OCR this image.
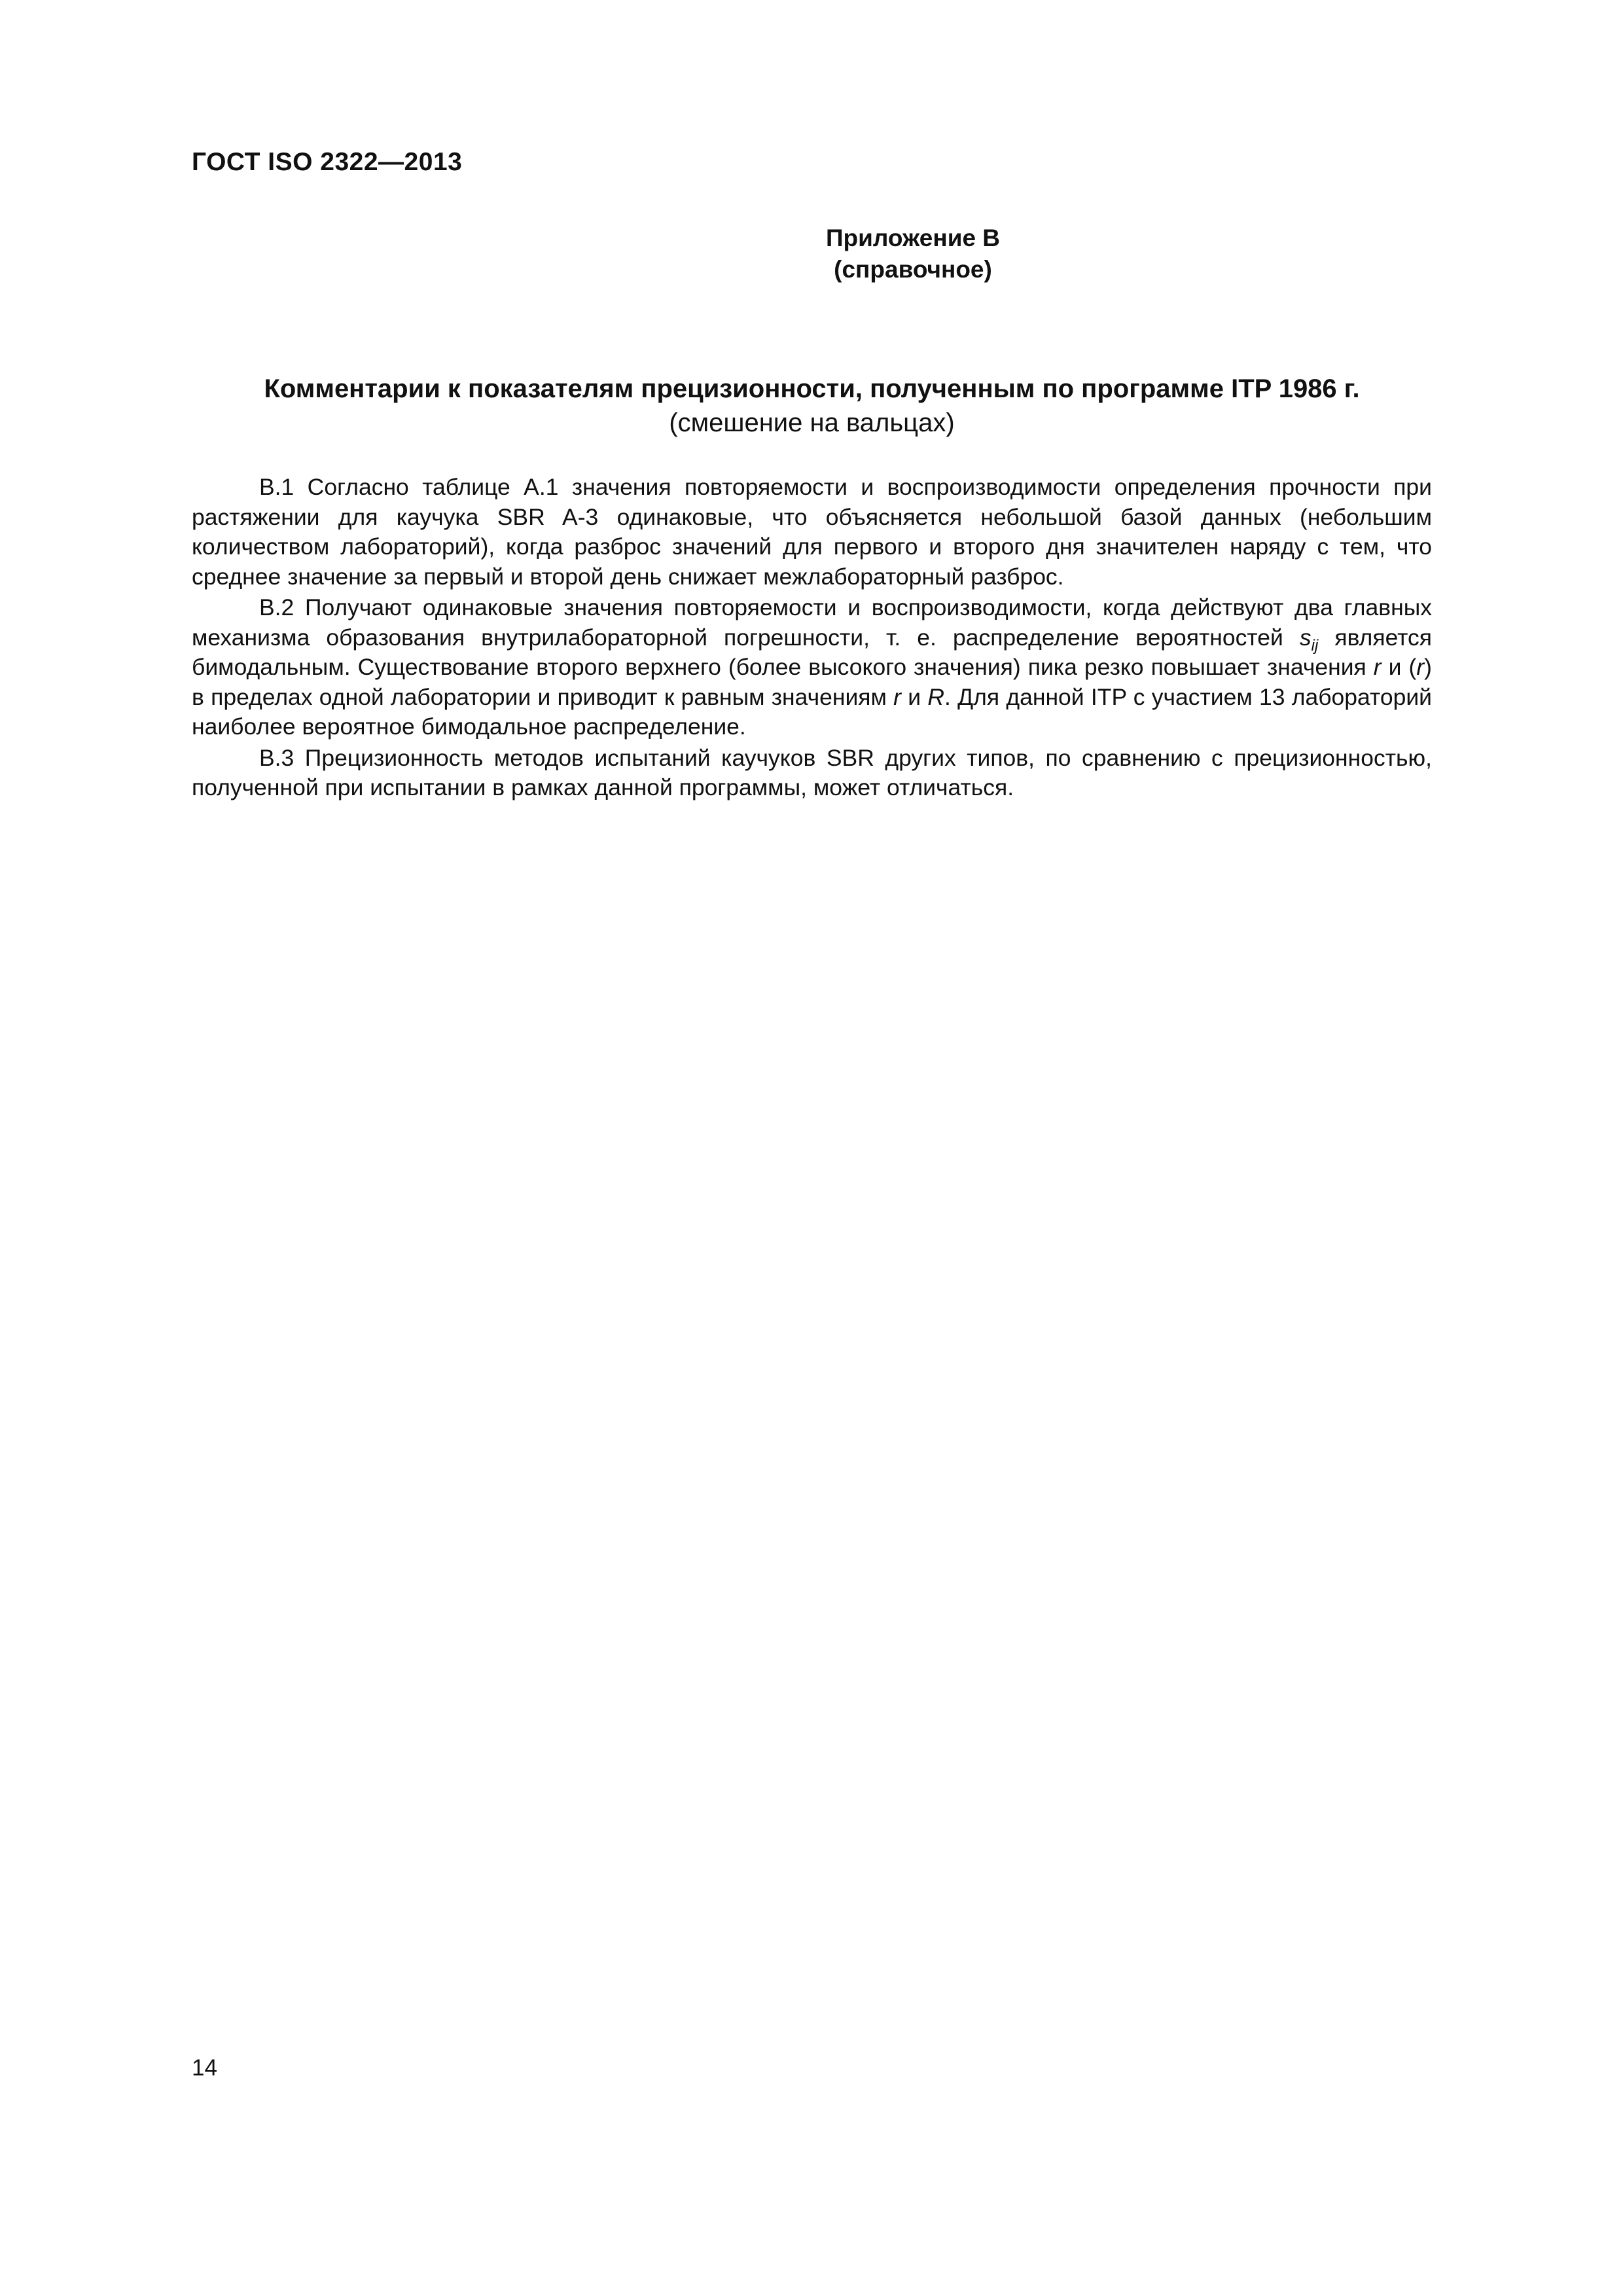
ГОСТ ISO 2322—2013
Приложение В
(справочное)
Комментарии к показателям прецизионности, полученным по программе ITP 1986 г.
(смешение на вальцах)

В.1 Согласно таблице А.1 значения повторяемости и воспроизводимости определения прочности при растяжении для каучука SBR A-3 одинаковые, что объясняется небольшой базой данных (небольшим количеством лабораторий), когда разброс значений для первого и второго дня значителен наряду с тем, что среднее значение за первый и второй день снижает межлабораторный разброс.

В.2 Получают одинаковые значения повторяемости и воспроизводимости, когда действуют два главных механизма образования внутрилабораторной погрешности, т. е. распределение вероятностей $s_{ij}$ является бимодальным. Существование второго верхнего (более высокого значения) пика резко повышает значения r и (r) в пределах одной лаборатории и приводит к равным значениям r и R. Для данной ITP с участием 13 лабораторий наиболее вероятное бимодальное распределение.

В.3 Прецизионность методов испытаний каучуков SBR других типов, по сравнению с прецизионностью, полученной при испытании в рамках данной программы, может отличаться.

14
